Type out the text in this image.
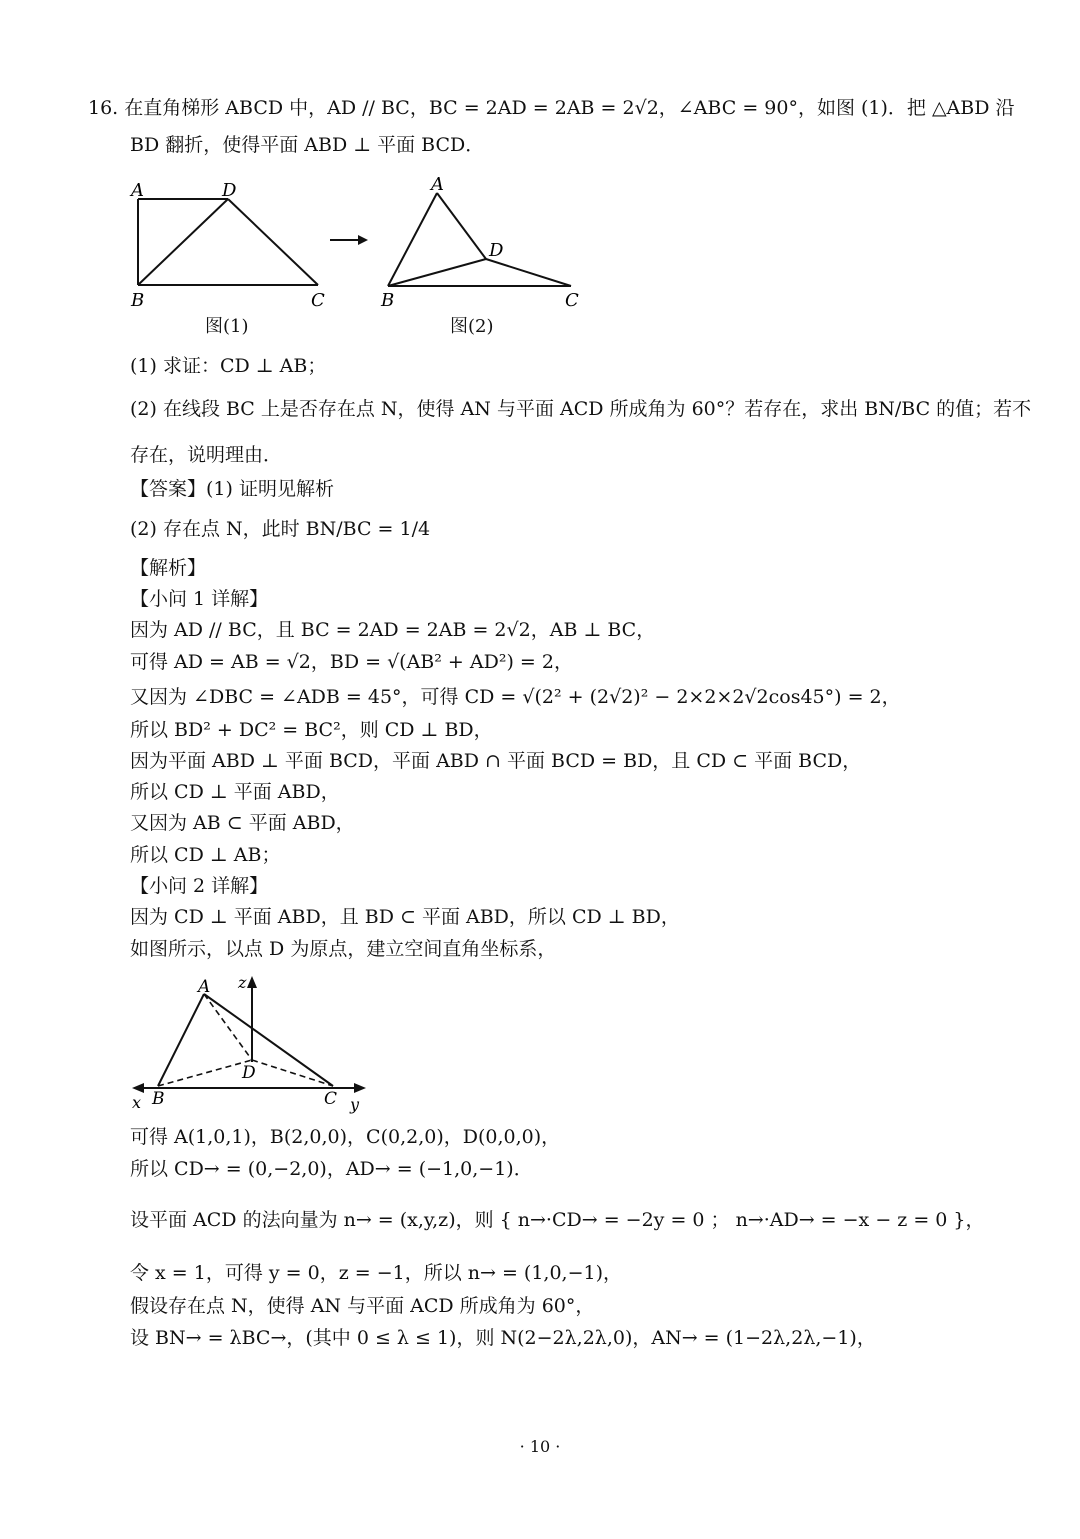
16. 在直角梯形 ABCD 中，AD // BC，BC = 2AD = 2AB = 2√2，∠ABC = 90°，如图 (1)．把 △ABD 沿
BD 翻折，使得平面 ABD ⊥ 平面 BCD．
A	D
B	C
图(1)
A
D
B	C
图(2)
(1) 求证：CD ⊥ AB；
(2) 在线段 BC 上是否存在点 N，使得 AN 与平面 ACD 所成角为 60°？若存在，求出 BN/BC 的值；若不
存在，说明理由．
【答案】(1) 证明见解析
(2) 存在点 N，此时 BN/BC = 1/4
【解析】
【小问 1 详解】
因为 AD // BC，且 BC = 2AD = 2AB = 2√2，AB ⊥ BC，
可得 AD = AB = √2，BD = √(AB² + AD²) = 2，
又因为 ∠DBC = ∠ADB = 45°，可得 CD = √(2² + (2√2)² − 2×2×2√2cos45°) = 2，
所以 BD² + DC² = BC²，则 CD ⊥ BD，
因为平面 ABD ⊥ 平面 BCD，平面 ABD ∩ 平面 BCD = BD，且 CD ⊂ 平面 BCD，
所以 CD ⊥ 平面 ABD，
又因为 AB ⊂ 平面 ABD，
所以 CD ⊥ AB；
【小问 2 详解】
因为 CD ⊥ 平面 ABD，且 BD ⊂ 平面 ABD，所以 CD ⊥ BD，
如图所示，以点 D 为原点，建立空间直角坐标系，
A z
D
x B	C y
可得 A(1,0,1)，B(2,0,0)，C(0,2,0)，D(0,0,0)，
所以 CD→ = (0,−2,0)，AD→ = (−1,0,−1)．
设平面 ACD 的法向量为 n→ = (x,y,z)，则 { n→·CD→ = −2y = 0 ； n→·AD→ = −x − z = 0 }，
令 x = 1，可得 y = 0，z = −1，所以 n→ = (1,0,−1)，
假设存在点 N，使得 AN 与平面 ACD 所成角为 60°，
设 BN→ = λBC→，(其中 0 ≤ λ ≤ 1)，则 N(2−2λ,2λ,0)，AN→ = (1−2λ,2λ,−1)，
· 10 ·
